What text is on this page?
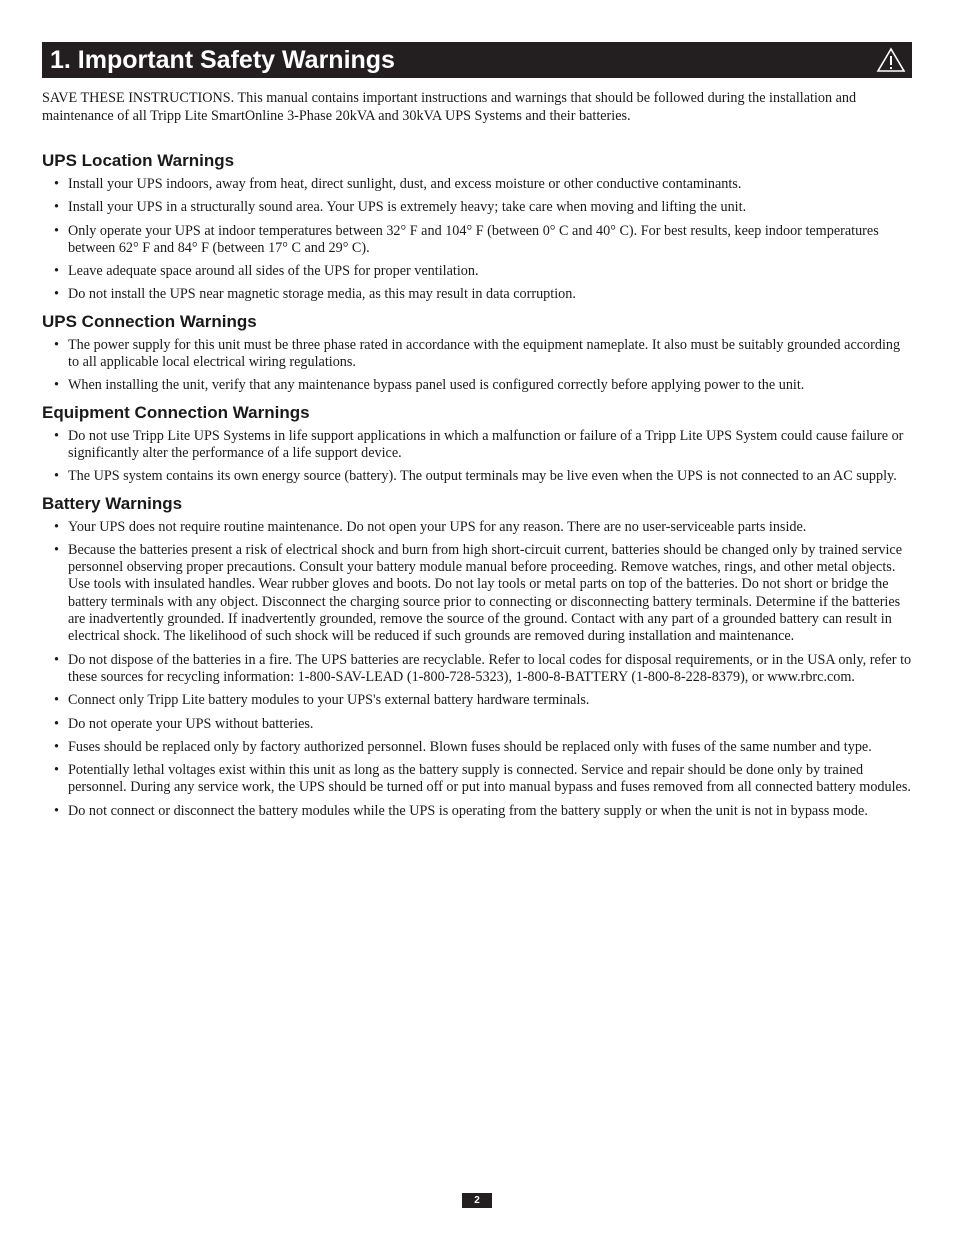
1. Important Safety Warnings

SAVE THESE INSTRUCTIONS. This manual contains important instructions and warnings that should be followed during the installation and maintenance of all Tripp Lite SmartOnline 3-Phase 20kVA and 30kVA UPS Systems and their batteries.

UPS Location Warnings
• Install your UPS indoors, away from heat, direct sunlight, dust, and excess moisture or other conductive contaminants.
• Install your UPS in a structurally sound area. Your UPS is extremely heavy; take care when moving and lifting the unit.
• Only operate your UPS at indoor temperatures between 32° F and 104° F (between 0° C and 40° C). For best results, keep indoor temperatures between 62° F and 84° F (between 17° C and 29° C).
• Leave adequate space around all sides of the UPS for proper ventilation.
• Do not install the UPS near magnetic storage media, as this may result in data corruption.
UPS Connection Warnings
• The power supply for this unit must be three phase rated in accordance with the equipment nameplate. It also must be suitably grounded according to all applicable local electrical wiring regulations.
• When installing the unit, verify that any maintenance bypass panel used is configured correctly before applying power to the unit.
Equipment Connection Warnings
• Do not use Tripp Lite UPS Systems in life support applications in which a malfunction or failure of a Tripp Lite UPS System could cause failure or significantly alter the performance of a life support device.
• The UPS system contains its own energy source (battery). The output terminals may be live even when the UPS is not connected to an AC supply.
Battery Warnings
• Your UPS does not require routine maintenance. Do not open your UPS for any reason. There are no user-serviceable parts inside.
• Because the batteries present a risk of electrical shock and burn from high short-circuit current, batteries should be changed only by trained service personnel observing proper precautions. Consult your battery module manual before proceeding. Remove watches, rings, and other metal objects. Use tools with insulated handles. Wear rubber gloves and boots. Do not lay tools or metal parts on top of the batteries. Do not short or bridge the battery terminals with any object. Disconnect the charging source prior to connecting or disconnecting battery terminals. Determine if the batteries are inadvertently grounded. If inadvertently grounded, remove the source of the ground. Contact with any part of a grounded battery can result in electrical shock. The likelihood of such shock will be reduced if such grounds are removed during installation and maintenance.
• Do not dispose of the batteries in a fire. The UPS batteries are recyclable. Refer to local codes for disposal requirements, or in the USA only, refer to these sources for recycling information: 1-800-SAV-LEAD (1-800-728-5323), 1-800-8-BATTERY (1-800-8-228-8379), or www.rbrc.com.
• Connect only Tripp Lite battery modules to your UPS's external battery hardware terminals.
• Do not operate your UPS without batteries.
• Fuses should be replaced only by factory authorized personnel. Blown fuses should be replaced only with fuses of the same number and type.
• Potentially lethal voltages exist within this unit as long as the battery supply is connected. Service and repair should be done only by trained personnel. During any service work, the UPS should be turned off or put into manual bypass and fuses removed from all connected battery modules.
• Do not connect or disconnect the battery modules while the UPS is operating from the battery supply or when the unit is not in bypass mode.
2
